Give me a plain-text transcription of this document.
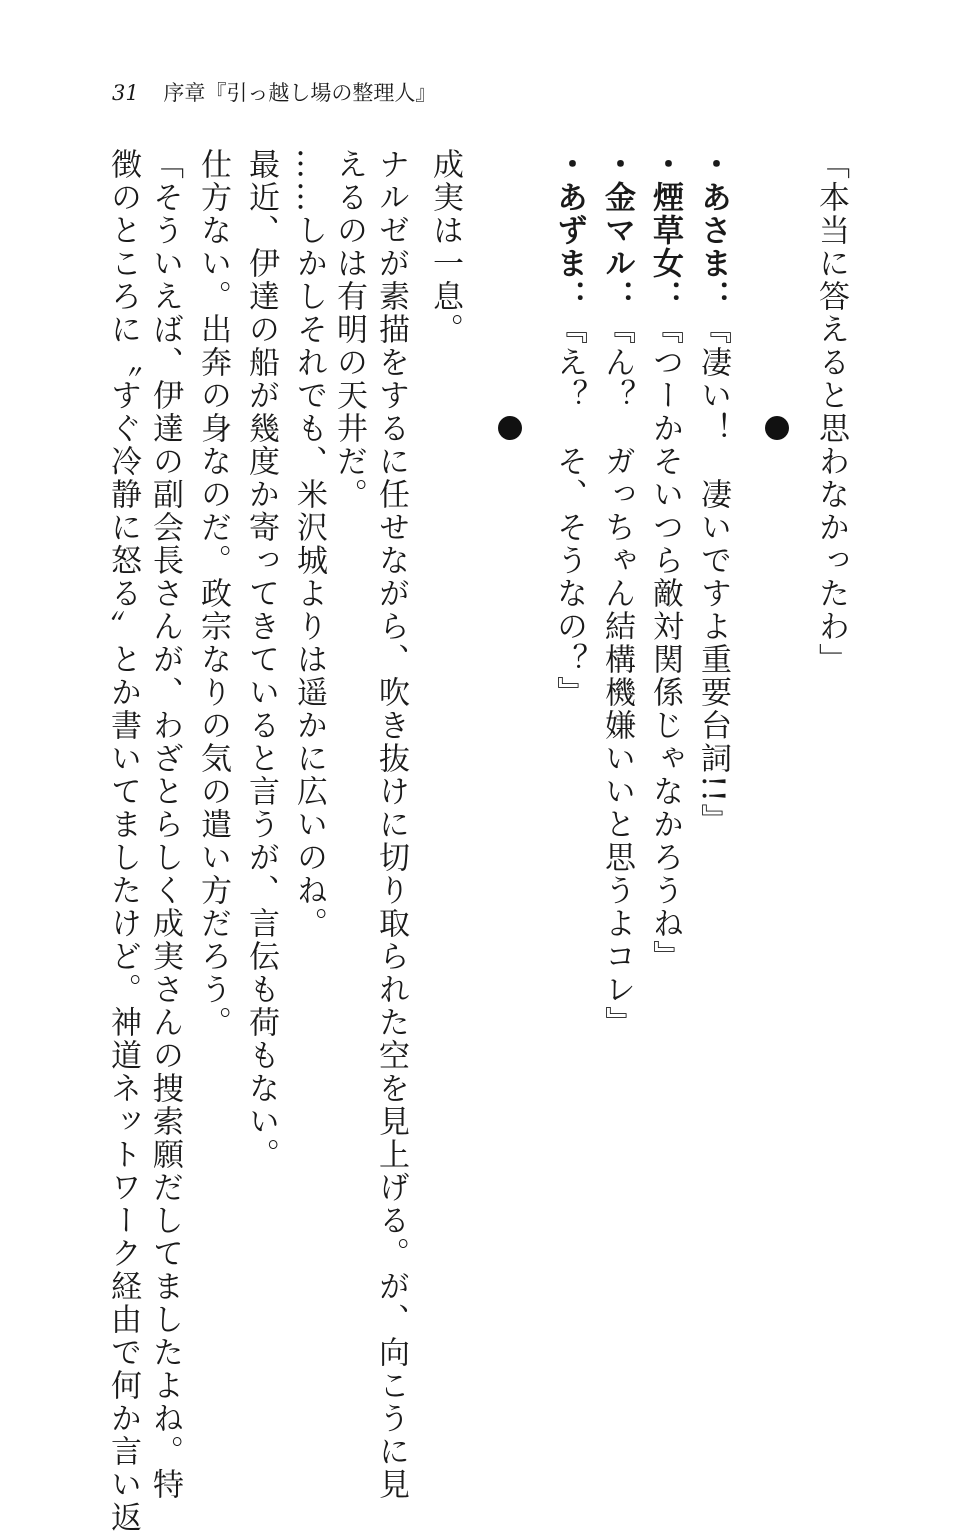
31 序章『引っ越し場の整理人』
「本当に答えると思わなかったわ」
・あさま：『凄い！　凄いですよ重要台詞!!』
・煙草女：『つーかそいつら敵対関係じゃなかろうね』
・金マル：『ん？　ガっちゃん結構機嫌いいと思うよコレ』
・あずま：『え？　そ、そうなの？』
成実は一息。
ナルゼが素描をするに任せながら、吹き抜けに切り取られた空を見上げる。が、向こうに見
えるのは有明の天井だ。
……しかしそれでも、米沢城よりは遥かに広いのね。
最近、伊達の船が幾度か寄ってきていると言うが、言伝も荷もない。
仕方ない。出奔の身なのだ。政宗なりの気の遣い方だろう。
「そういえば、伊達の副会長さんが、わざとらしく成実さんの捜索願だしてましたよね。特
徴のところに〝すぐ冷静に怒る〟とか書いてましたけど。神道ネットワーク経由で何か言い返
